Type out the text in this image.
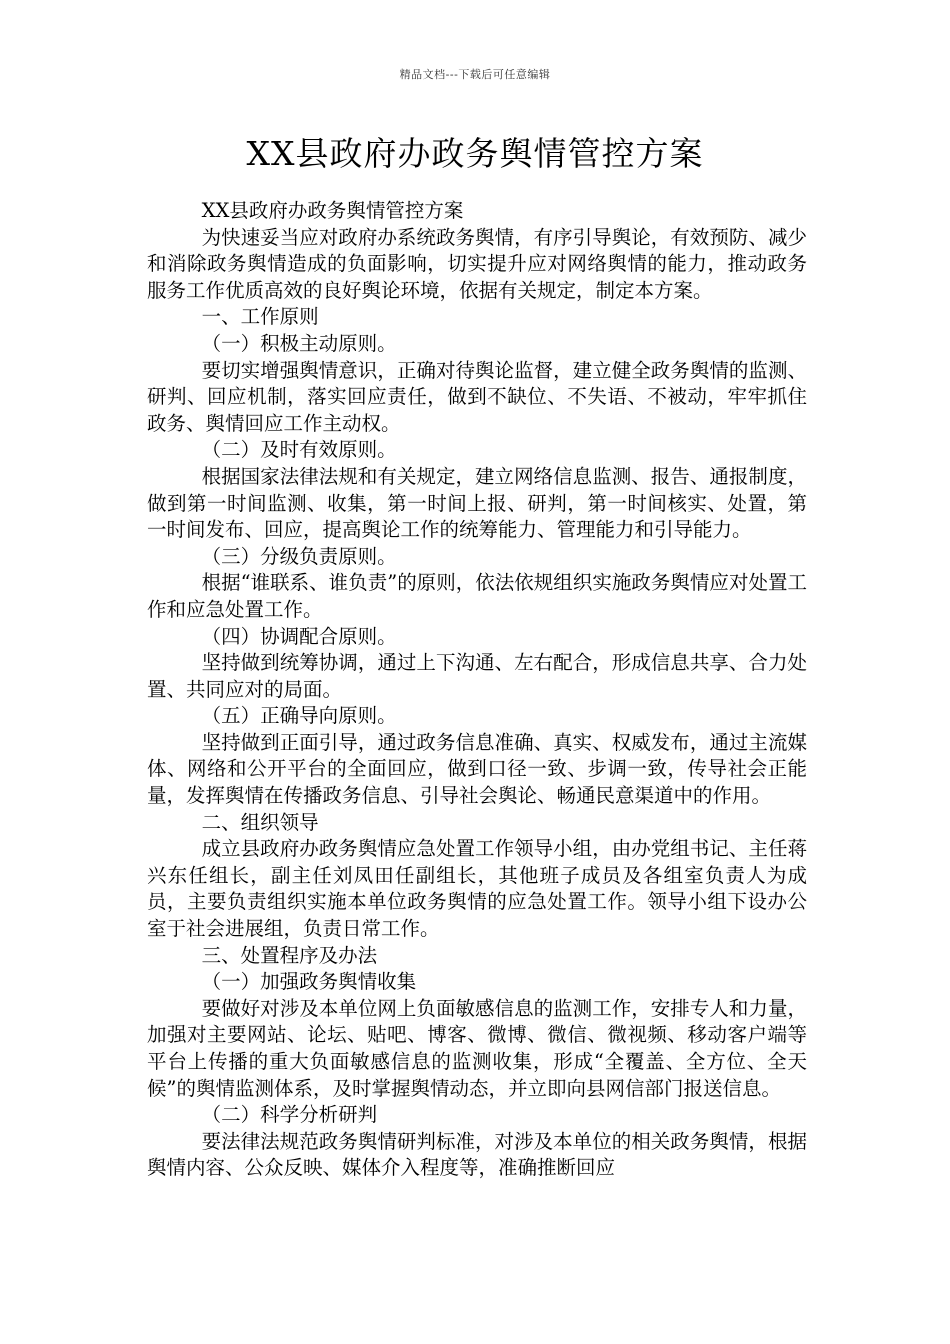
精品文档---下载后可任意编辑
XX县政府办政务舆情管控方案

XX县政府办政务舆情管控方案

为快速妥当应对政府办系统政务舆情，有序引导舆论，有效预防、减少和消除政务舆情造成的负面影响，切实提升应对网络舆情的能力，推动政务服务工作优质高效的良好舆论环境，依据有关规定，制定本方案。

一、工作原则

（一）积极主动原则。

要切实增强舆情意识，正确对待舆论监督，建立健全政务舆情的监测、研判、回应机制，落实回应责任，做到不缺位、不失语、不被动，牢牢抓住政务、舆情回应工作主动权。

（二）及时有效原则。

根据国家法律法规和有关规定，建立网络信息监测、报告、通报制度，做到第一时间监测、收集，第一时间上报、研判，第一时间核实、处置，第一时间发布、回应，提高舆论工作的统筹能力、管理能力和引导能力。

（三）分级负责原则。

根据“谁联系、谁负责”的原则，依法依规组织实施政务舆情应对处置工作和应急处置工作。

（四）协调配合原则。

坚持做到统筹协调，通过上下沟通、左右配合，形成信息共享、合力处置、共同应对的局面。

（五）正确导向原则。

坚持做到正面引导，通过政务信息准确、真实、权威发布，通过主流媒体、网络和公开平台的全面回应，做到口径一致、步调一致，传导社会正能量，发挥舆情在传播政务信息、引导社会舆论、畅通民意渠道中的作用。

二、组织领导

成立县政府办政务舆情应急处置工作领导小组，由办党组书记、主任蒋兴东任组长，副主任刘凤田任副组长，其他班子成员及各组室负责人为成员，主要负责组织实施本单位政务舆情的应急处置工作。领导小组下设办公室于社会进展组，负责日常工作。

三、处置程序及办法

（一）加强政务舆情收集

要做好对涉及本单位网上负面敏感信息的监测工作，安排专人和力量，加强对主要网站、论坛、贴吧、博客、微博、微信、微视频、移动客户端等平台上传播的重大负面敏感信息的监测收集，形成“全覆盖、全方位、全天候”的舆情监测体系，及时掌握舆情动态，并立即向县网信部门报送信息。

（二）科学分析研判

要法律法规范政务舆情研判标准，对涉及本单位的相关政务舆情，根据舆情内容、公众反映、媒体介入程度等，准确推断回应
